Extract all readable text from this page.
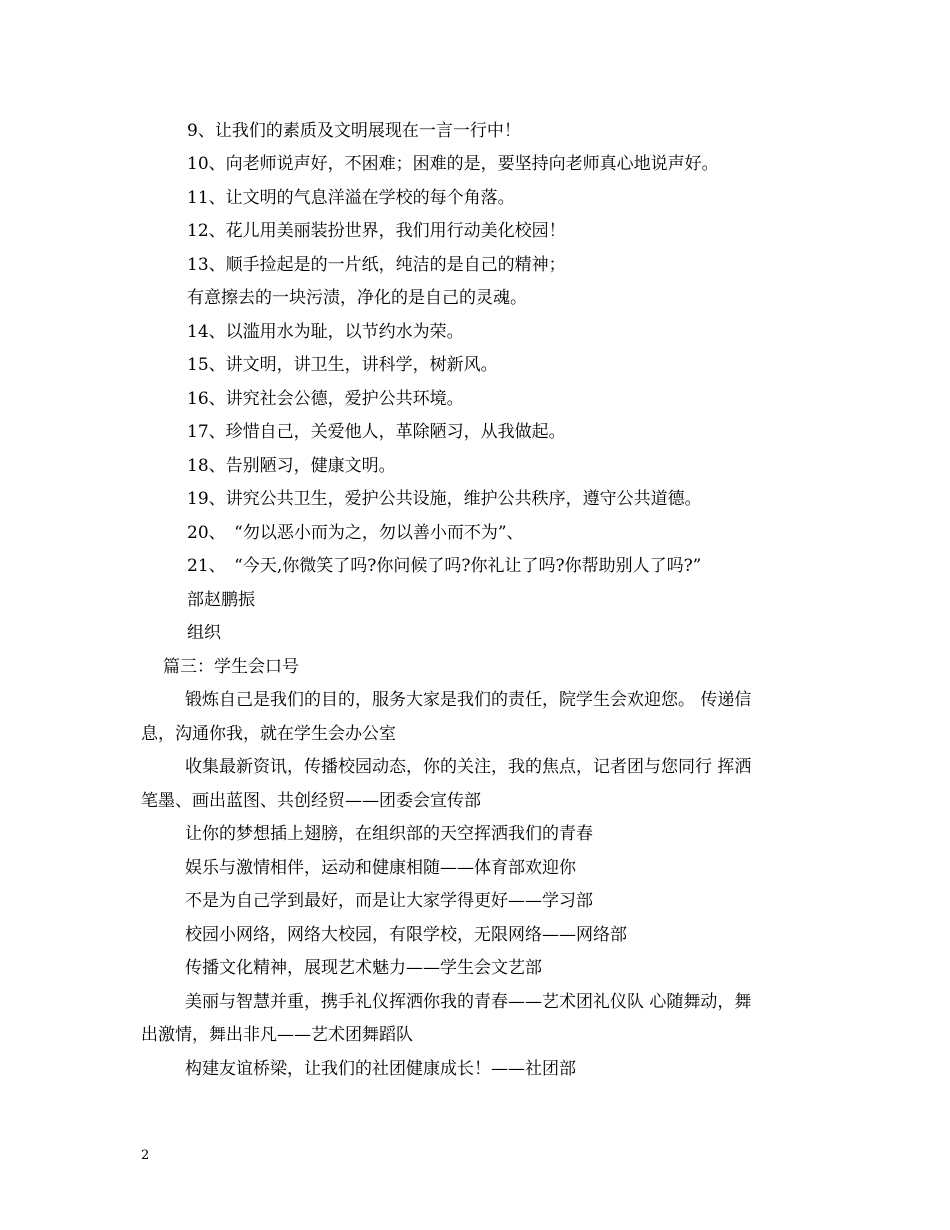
9、让我们的素质及文明展现在一言一行中！

10、向老师说声好，不困难；困难的是，要坚持向老师真心地说声好。

11、让文明的气息洋溢在学校的每个角落。

12、花儿用美丽装扮世界，我们用行动美化校园！

13、顺手捡起是的一片纸，纯洁的是自己的精神；

有意擦去的一块污渍，净化的是自己的灵魂。

14、以滥用水为耻，以节约水为荣。

15、讲文明，讲卫生，讲科学，树新风。

16、讲究社会公德，爱护公共环境。

17、珍惜自己，关爱他人，革除陋习，从我做起。

18、告别陋习，健康文明。

19、讲究公共卫生，爱护公共设施，维护公共秩序，遵守公共道德。

20、　“勿以恶小而为之，勿以善小而不为”、

21、　“今天,你微笑了吗?你问候了吗?你礼让了吗?你帮助别人了吗?”

部赵鹏振

组织

篇三：学生会口号

锻炼自己是我们的目的，服务大家是我们的责任，院学生会欢迎您。 传递信

息，沟通你我，就在学生会办公室

收集最新资讯，传播校园动态，你的关注，我的焦点，记者团与您同行 挥洒

笔墨、画出蓝图、共创经贸——团委会宣传部

让你的梦想插上翅膀，在组织部的天空挥洒我们的青春

娱乐与激情相伴，运动和健康相随——体育部欢迎你

不是为自己学到最好，而是让大家学得更好——学习部

校园小网络，网络大校园，有限学校，无限网络——网络部

传播文化精神，展现艺术魅力——学生会文艺部

美丽与智慧并重，携手礼仪挥洒你我的青春——艺术团礼仪队 心随舞动，舞

出激情，舞出非凡——艺术团舞蹈队

构建友谊桥梁，让我们的社团健康成长！——社团部

2
